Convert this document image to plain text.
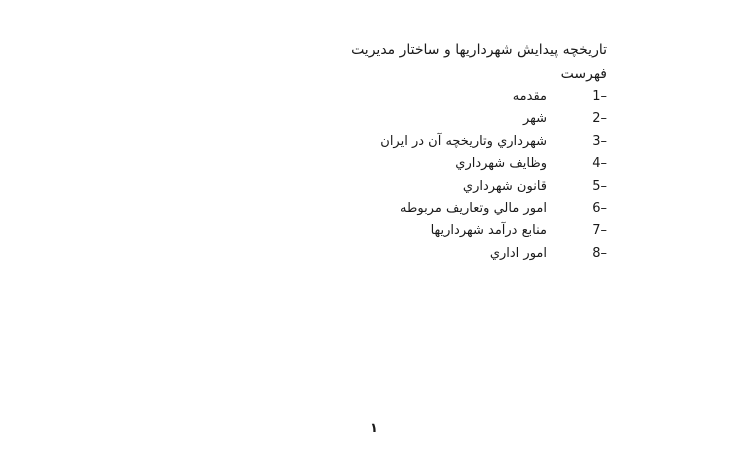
تاريخچه پيدايش شهرداريها و ساختار مديريت
فهرست
1–
مقدمه
2–
شهر
3–
شهرداري وتاريخچه آن در ايران
4–
وظايف شهرداري
5–
قانون شهرداري
6–
امور مالي وتعاريف مربوطه
7–
منابع درآمد شهرداريها
8–
امور اداري
۱
